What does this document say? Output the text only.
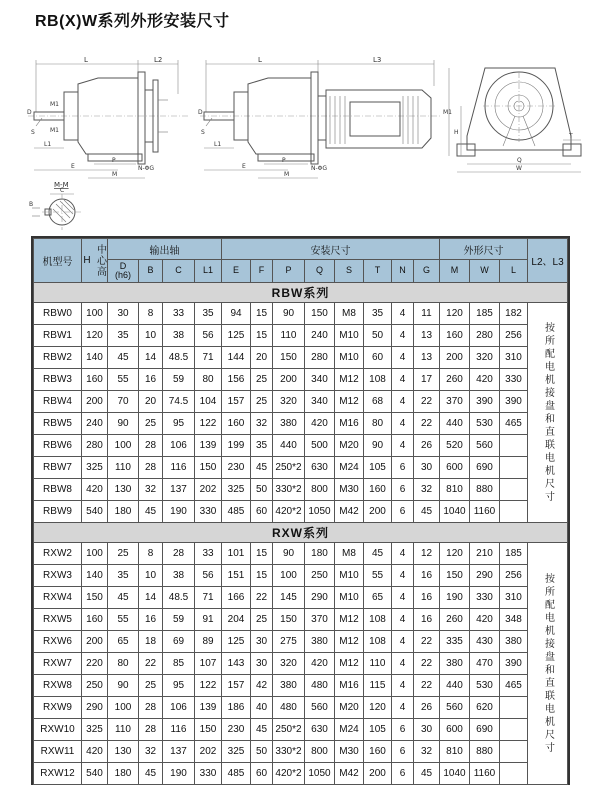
RB(X)W系列外形安装尺寸
L	L2
M1
M1
D
S
L1
E
P
M
N-ΦG
L	L3
D
S
L1
E
P
M
N-ΦG
M1
H
T
Q
W
M-M
C
B
机型号	中心高H	输出轴				安装尺寸								外形尺寸			L2、L3

		D
(h6)	B	C	L1	E	F	P	Q	S	T	N	G	M	W	L	
RBW系列																	
RBW0	100	30	8	33	35	94	15	90	150	M8	35	4	11	120	185	182	按所配电机接盘和直联电机尺寸
RBW1	120	35	10	38	56	125	15	110	240	M10	50	4	13	160	280	256	
RBW2	140	45	14	48.5	71	144	20	150	280	M10	60	4	13	200	320	310	
RBW3	160	55	16	59	80	156	25	200	340	M12	108	4	17	260	420	330	
RBW4	200	70	20	74.5	104	157	25	320	340	M12	68	4	22	370	390	390	
RBW5	240	90	25	95	122	160	32	380	420	M16	80	4	22	440	530	465	
RBW6	280	100	28	106	139	199	35	440	500	M20	90	4	26	520	560		
RBW7	325	110	28	116	150	230	45	250*2	630	M24	105	6	30	600	690		
RBW8	420	130	32	137	202	325	50	330*2	800	M30	160	6	32	810	880		
RBW9	540	180	45	190	330	485	60	420*2	1050	M42	200	6	45	1040	1160		
RXW系列																	
RXW2	100	25	8	28	33	101	15	90	180	M8	45	4	12	120	210	185	按所配电机接盘和直联电机尺寸
RXW3	140	35	10	38	56	151	15	100	250	M10	55	4	16	150	290	256	
RXW4	150	45	14	48.5	71	166	22	145	290	M10	65	4	16	190	330	310	
RXW5	160	55	16	59	91	204	25	150	370	M12	108	4	16	260	420	348	
RXW6	200	65	18	69	89	125	30	275	380	M12	108	4	22	335	430	380	
RXW7	220	80	22	85	107	143	30	320	420	M12	110	4	22	380	470	390	
RXW8	250	90	25	95	122	157	42	380	480	M16	115	4	22	440	530	465	
RXW9	290	100	28	106	139	186	40	480	560	M20	120	4	26	560	620		
RXW10	325	110	28	116	150	230	45	250*2	630	M24	105	6	30	600	690		
RXW11	420	130	32	137	202	325	50	330*2	800	M30	160	6	32	810	880		
RXW12	540	180	45	190	330	485	60	420*2	1050	M42	200	6	45	1040	1160		
